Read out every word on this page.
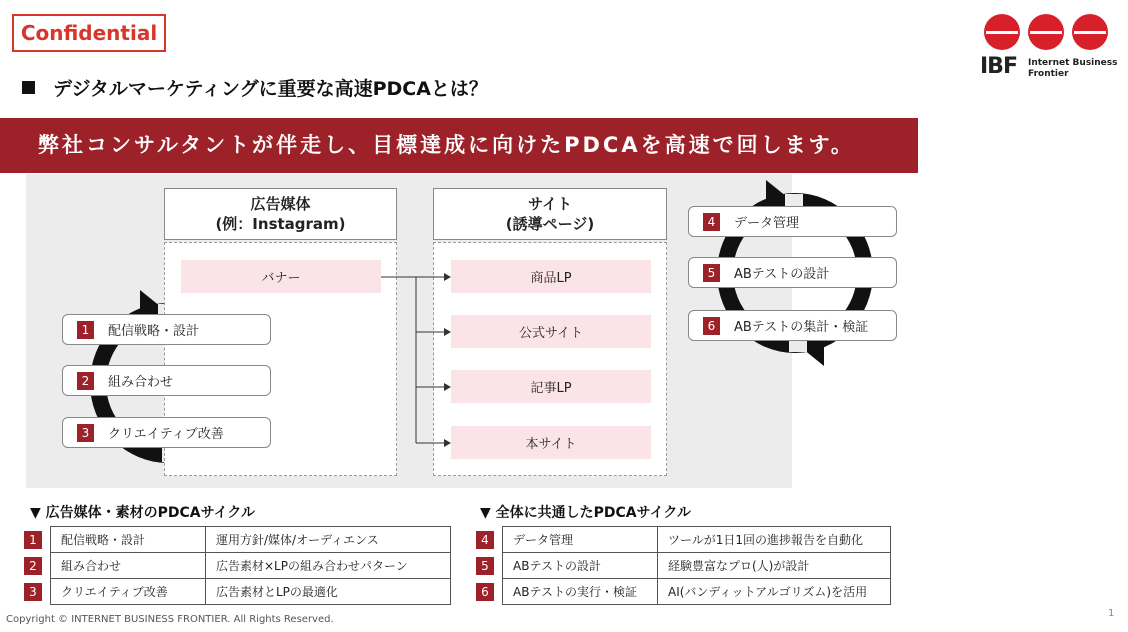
Confidential
IBF Internet Business
Frontier
デジタルマーケティングに重要な高速PDCAとは？
弊社コンサルタントが伴走し、目標達成に向けたPDCAを高速で回します。
広告媒体
(例：Instagram)
バナー
サイト
(誘導ページ)
商品LP
公式サイト
記事LP
本サイト
1	配信戦略・設計
2	組み合わせ
3	クリエイティブ改善
4	データ管理
5	ABテストの設計
6	ABテストの集計・検証
▼ 広告媒体・素材のPDCAサイクル
1	配信戦略・設計	運用方針/媒体/オーディエンス
2	組み合わせ	広告素材×LPの組み合わせパターン
3	クリエイティブ改善	広告素材とLPの最適化
▼ 全体に共通したPDCAサイクル
4	データ管理	ツールが1日1回の進捗報告を自動化
5	ABテストの設計	経験豊富なプロ(人)が設計
6	ABテストの実行・検証	AI(バンディットアルゴリズム)を活用
Copyright © INTERNET BUSINESS FRONTIER. All Rights Reserved.
1
